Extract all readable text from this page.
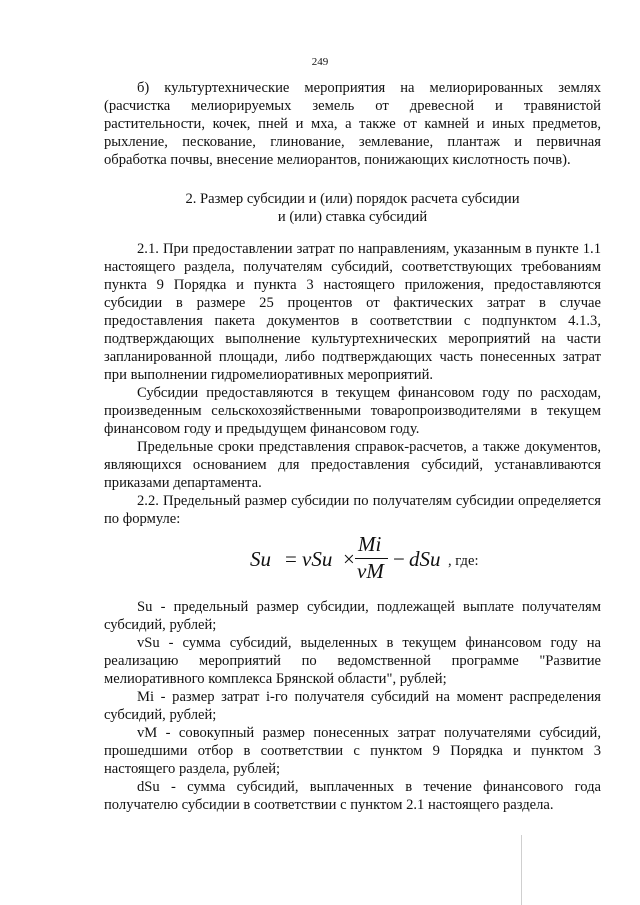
249

б) культуртехнические мероприятия на мелиорированных землях (расчистка мелиорируемых земель от древесной и травянистой растительности, кочек, пней и мха, а также от камней и иных предметов, рыхление, пескование, глинование, землевание, плантаж и первичная обработка почвы, внесение мелиорантов, понижающих кислотность почв).

2. Размер субсидии и (или) порядок расчета субсидии
и (или) ставка субсидий

2.1. При предоставлении затрат по направлениям, указанным в пункте 1.1 настоящего раздела, получателям субсидий, соответствующих требованиям пункта 9 Порядка и пункта 3 настоящего приложения, предоставляются субсидии в размере 25 процентов от фактических затрат в случае предоставления пакета документов в соответствии с подпунктом 4.1.3, подтверждающих выполнение культуртехнических мероприятий на части запланированной площади, либо подтверждающих часть понесенных затрат при выполнении гидромелиоративных мероприятий.

Субсидии предоставляются в текущем финансовом году по расходам, произведенным сельскохозяйственными товаропроизводителями в текущем финансовом году и предыдущем финансовом году.

Предельные сроки представления справок-расчетов, а также документов, являющихся основанием для предоставления субсидий, устанавливаются приказами департамента.

2.2. Предельный размер субсидии по получателям субсидии определяется по формуле:

Su = vSu ×
Mi
vM − dSu , где:

Su - предельный размер субсидии, подлежащей выплате получателям субсидий, рублей;

vSu - сумма субсидий, выделенных в текущем финансовом году на реализацию мероприятий по ведомственной программе "Развитие мелиоративного комплекса Брянской области", рублей;

Mi - размер затрат i-го получателя субсидий на момент распределения субсидий, рублей;

vM - совокупный размер понесенных затрат получателями субсидий, прошедшими отбор в соответствии с пунктом 9 Порядка и пунктом 3 настоящего раздела, рублей;

dSu - сумма субсидий, выплаченных в течение финансового года получателю субсидии в соответствии с пунктом 2.1 настоящего раздела.
